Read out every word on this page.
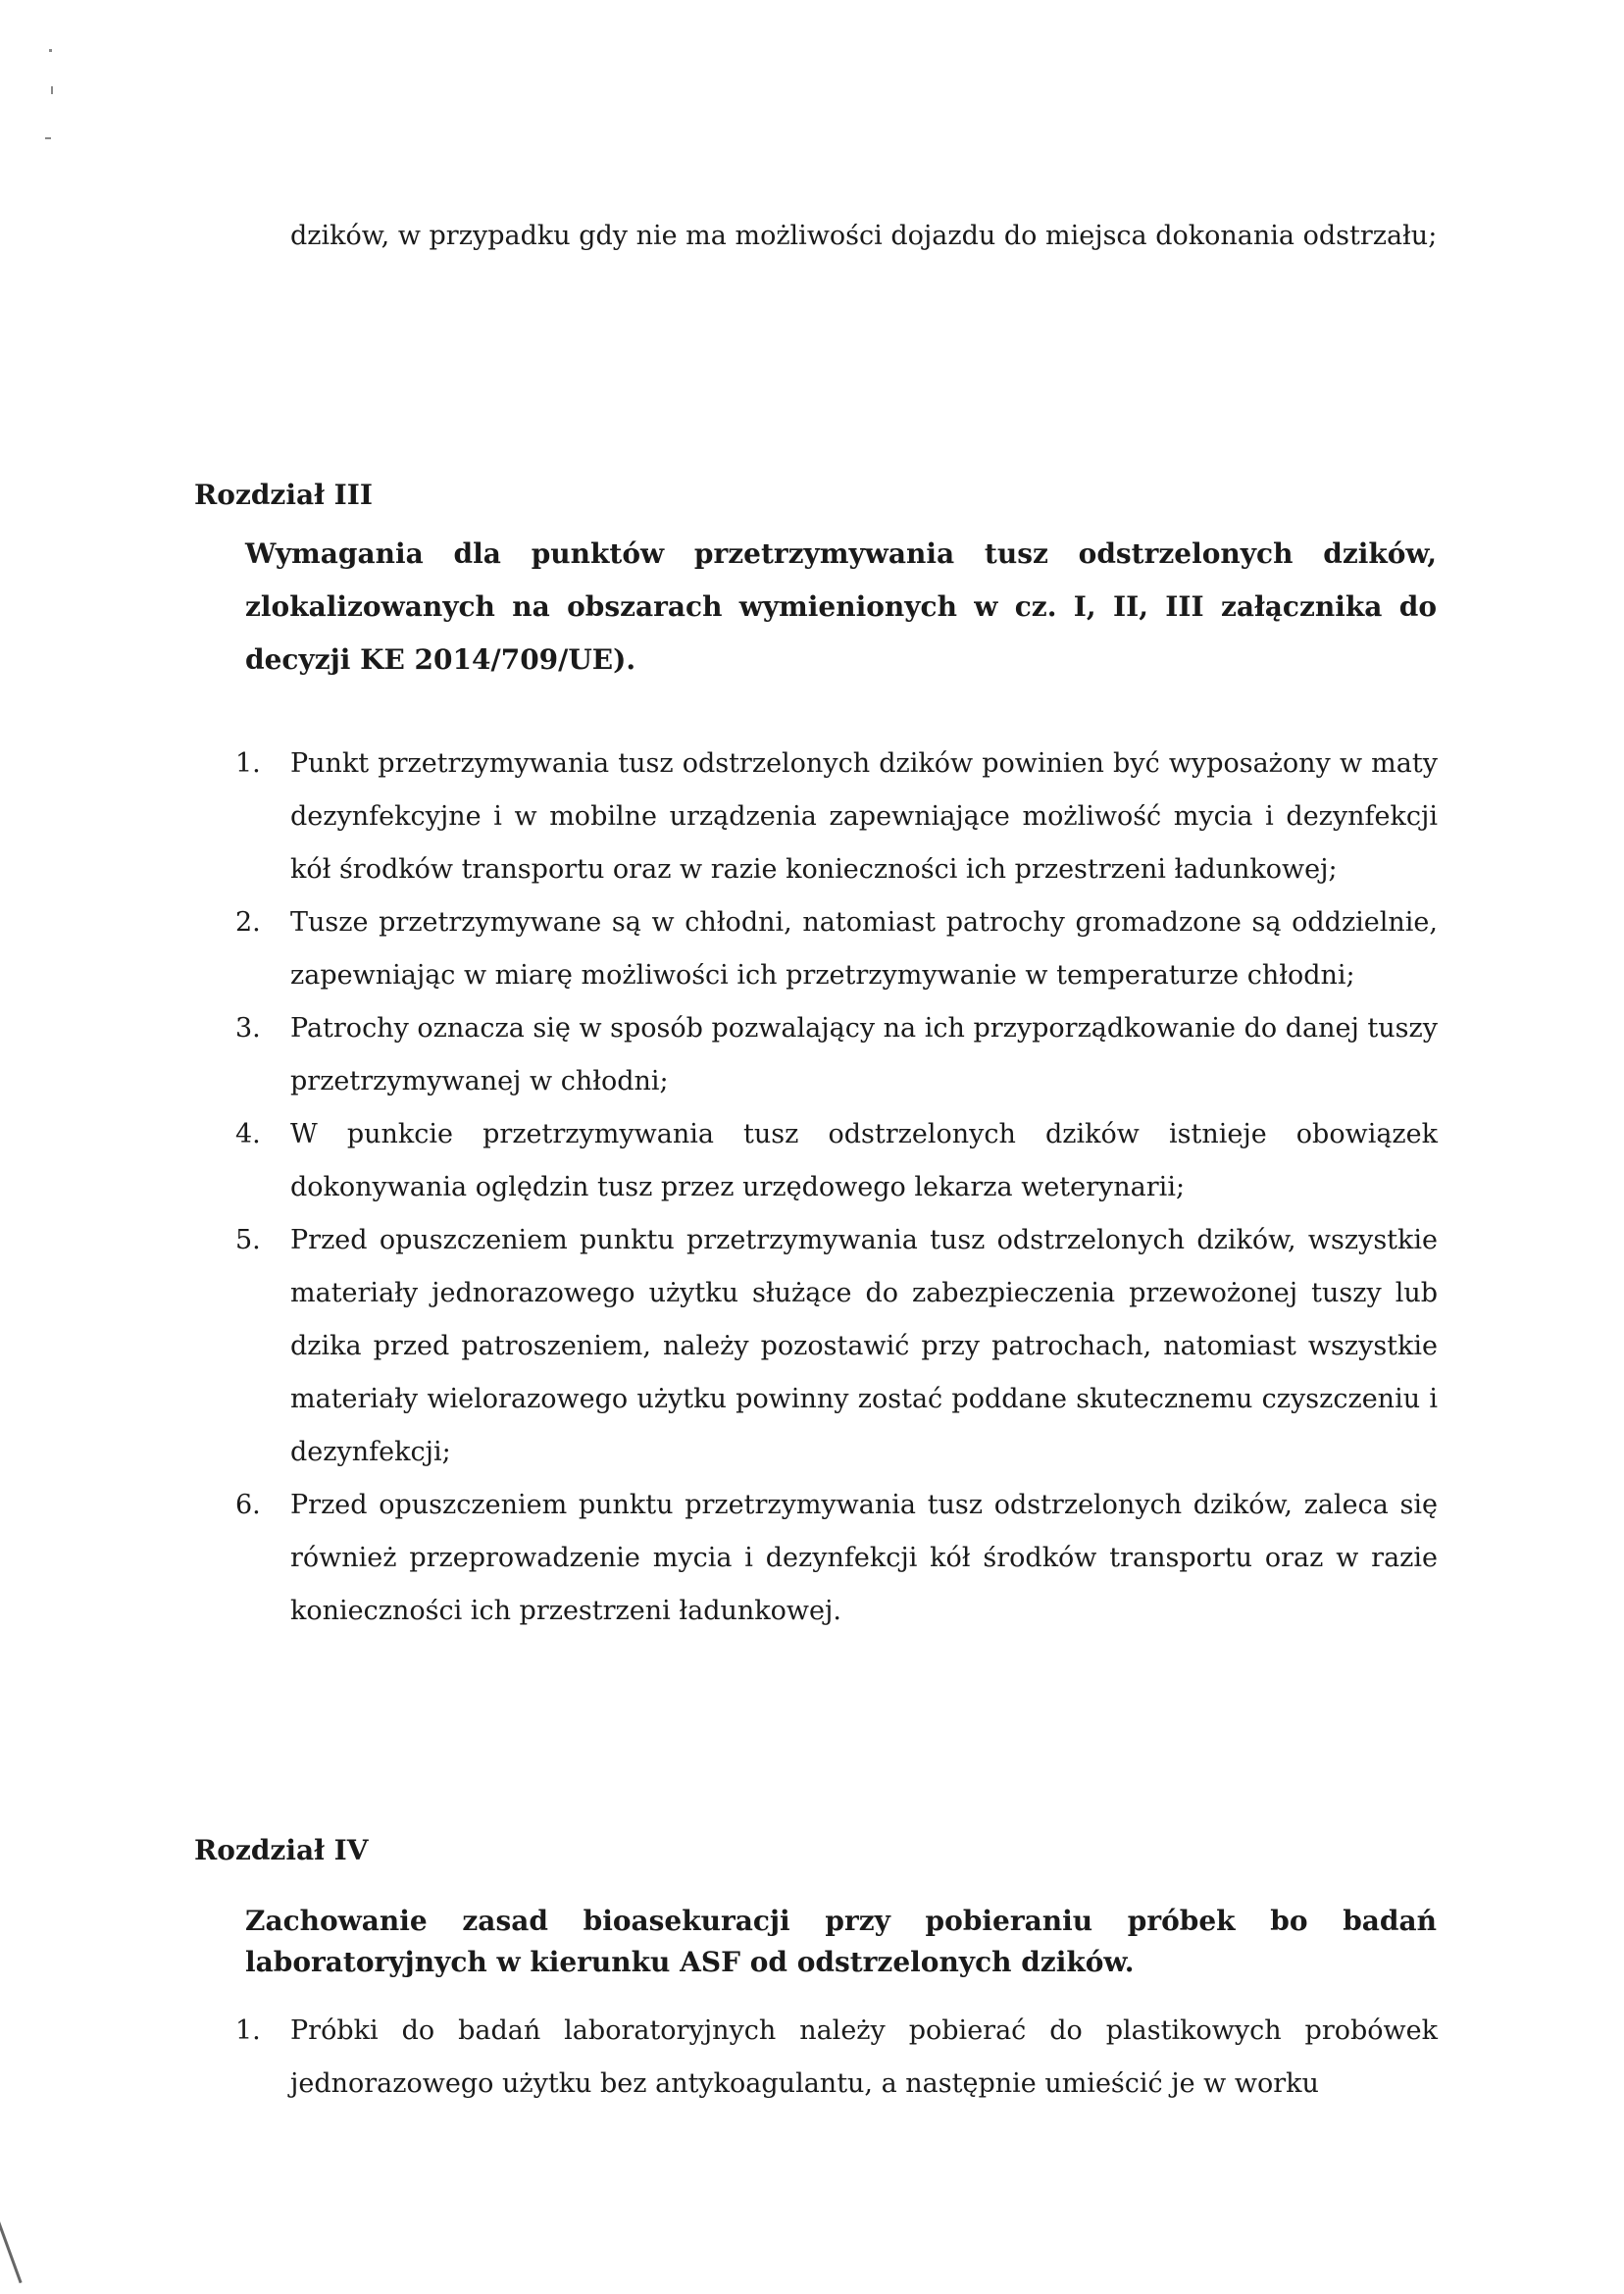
dzików, w przypadku gdy nie ma możliwości dojazdu do miejsca dokonania odstrzału;
Rozdział III
Wymagania dla punktów przetrzymywania tusz odstrzelonych dzików, zlokalizowanych na obszarach wymienionych w cz. I, II, III załącznika do decyzji KE 2014/709/UE).
1. Punkt przetrzymywania tusz odstrzelonych dzików powinien być wyposażony w maty dezynfekcyjne i w mobilne urządzenia zapewniające możliwość mycia i dezynfekcji kół środków transportu oraz w razie konieczności ich przestrzeni ładunkowej;
2. Tusze przetrzymywane są w chłodni, natomiast patrochy gromadzone są oddzielnie, zapewniając w miarę możliwości ich przetrzymywanie w temperaturze chłodni;
3. Patrochy oznacza się w sposób pozwalający na ich przyporządkowanie do danej tuszy przetrzymywanej w chłodni;
4. W punkcie przetrzymywania tusz odstrzelonych dzików istnieje obowiązek dokonywania oględzin tusz przez urzędowego lekarza weterynarii;
5. Przed opuszczeniem punktu przetrzymywania tusz odstrzelonych dzików, wszystkie materiały jednorazowego użytku służące do zabezpieczenia przewożonej tuszy lub dzika przed patroszeniem, należy pozostawić przy patrochach, natomiast wszystkie materiały wielorazowego użytku powinny zostać poddane skutecznemu czyszczeniu i dezynfekcji;
6. Przed opuszczeniem punktu przetrzymywania tusz odstrzelonych dzików, zaleca się również przeprowadzenie mycia i dezynfekcji kół środków transportu oraz w razie konieczności ich przestrzeni ładunkowej.
Rozdział IV
Zachowanie zasad bioasekuracji przy pobieraniu próbek bo badań laboratoryjnych w kierunku ASF od odstrzelonych dzików.
1. Próbki do badań laboratoryjnych należy pobierać do plastikowych probówek jednorazowego użytku bez antykoagulantu, a następnie umieścić je w worku
